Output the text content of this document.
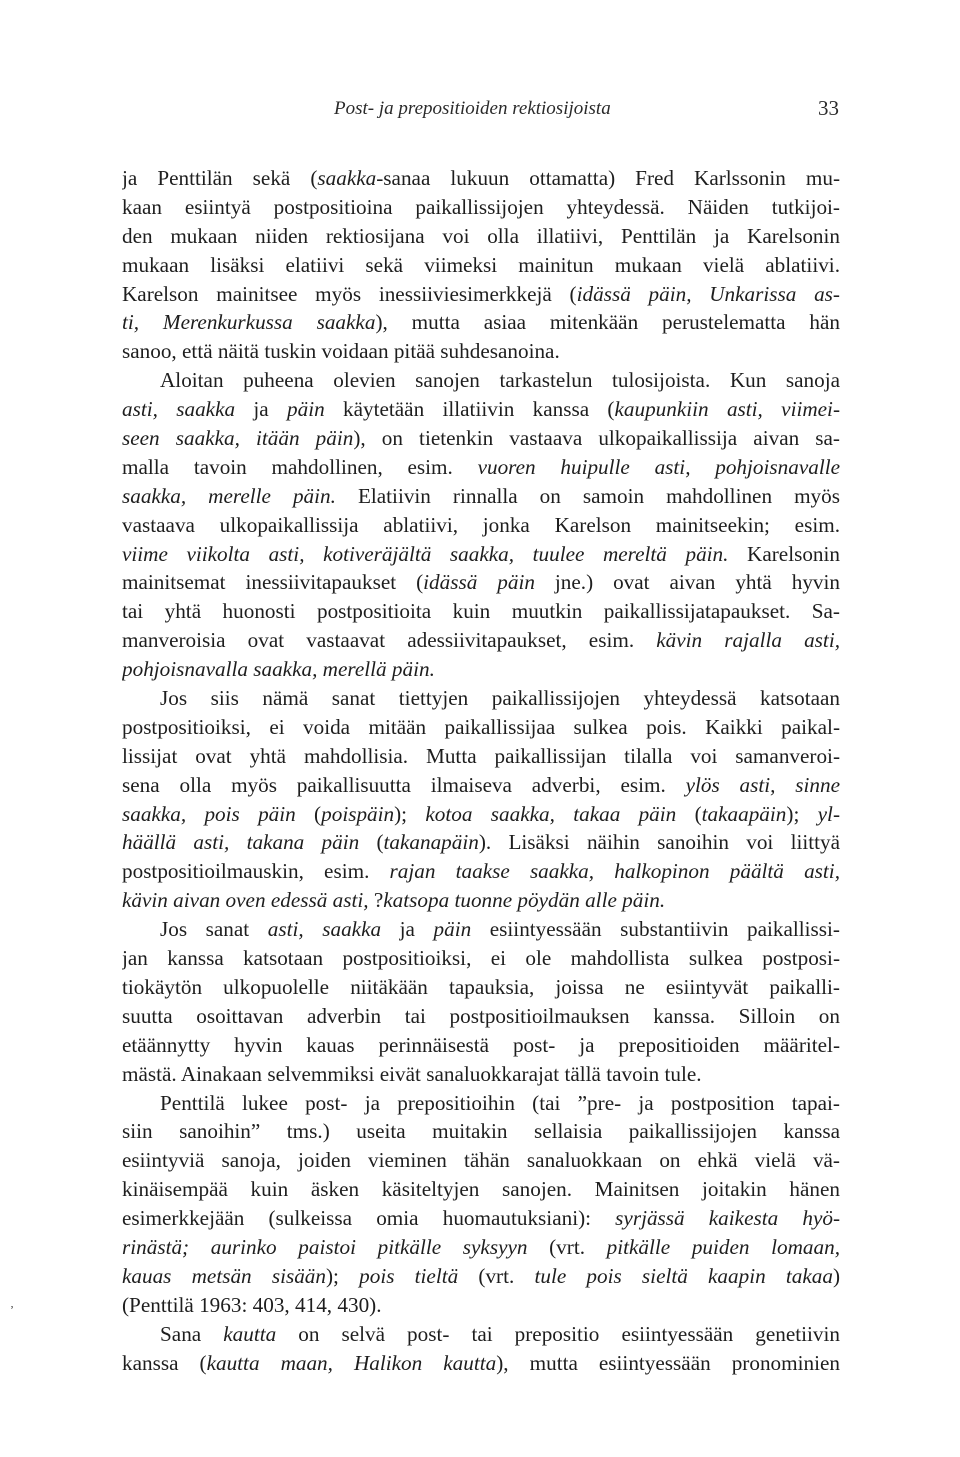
Post- ja prepositioiden rektiosijoista	33
ja Penttilän sekä (saakka-sanaa lukuun ottamatta) Fred Karlssonin mu-
kaan esiintyä postpositioina paikallissijojen yhteydessä. Näiden tutkijoi-
den mukaan niiden rektiosijana voi olla illatiivi, Penttilän ja Karelsonin
mukaan lisäksi elatiivi sekä viimeksi mainitun mukaan vielä ablatiivi.
Karelson mainitsee myös inessiiviesimerkkejä (idässä päin, Unkarissa as-
ti, Merenkurkussa saakka), mutta asiaa mitenkään perustelematta hän
sanoo, että näitä tuskin voidaan pitää suhdesanoina.
Aloitan puheena olevien sanojen tarkastelun tulosijoista. Kun sanoja
asti, saakka ja päin käytetään illatiivin kanssa (kaupunkiin asti, viimei-
seen saakka, itään päin), on tietenkin vastaava ulkopaikallissija aivan sa-
malla tavoin mahdollinen, esim. vuoren huipulle asti, pohjoisnavalle
saakka, merelle päin. Elatiivin rinnalla on samoin mahdollinen myös
vastaava ulkopaikallissija ablatiivi, jonka Karelson mainitseekin; esim.
viime viikolta asti, kotiveräjältä saakka, tuulee mereltä päin. Karelsonin
mainitsemat inessiivitapaukset (idässä päin jne.) ovat aivan yhtä hyvin
tai yhtä huonosti postpositioita kuin muutkin paikallissijatapaukset. Sa-
manveroisia ovat vastaavat adessiivitapaukset, esim. kävin rajalla asti,
pohjoisnavalla saakka, merellä päin.
Jos siis nämä sanat tiettyjen paikallissijojen yhteydessä katsotaan
postpositioiksi, ei voida mitään paikallissijaa sulkea pois. Kaikki paikal-
lissijat ovat yhtä mahdollisia. Mutta paikallissijan tilalla voi samanveroi-
sena olla myös paikallisuutta ilmaiseva adverbi, esim. ylös asti, sinne
saakka, pois päin (poispäin); kotoa saakka, takaa päin (takaapäin); yl-
häällä asti, takana päin (takanapäin). Lisäksi näihin sanoihin voi liittyä
postpositioilmauskin, esim. rajan taakse saakka, halkopinon päältä asti,
kävin aivan oven edessä asti, ?katsopa tuonne pöydän alle päin.
Jos sanat asti, saakka ja päin esiintyessään substantiivin paikallissi-
jan kanssa katsotaan postpositioiksi, ei ole mahdollista sulkea postposi-
tiokäytön ulkopuolelle niitäkään tapauksia, joissa ne esiintyvät paikalli-
suutta osoittavan adverbin tai postpositioilmauksen kanssa. Silloin on
etäännytty hyvin kauas perinnäisestä post- ja prepositioiden määritel-
mästä. Ainakaan selvemmiksi eivät sanaluokkarajat tällä tavoin tule.
Penttilä lukee post- ja prepositioihin (tai ”pre- ja postposition tapai-
siin sanoihin” tms.) useita muitakin sellaisia paikallissijojen kanssa
esiintyviä sanoja, joiden vieminen tähän sanaluokkaan on ehkä vielä vä-
kinäisempää kuin äsken käsiteltyjen sanojen. Mainitsen joitakin hänen
esimerkkejään (sulkeissa omia huomautuksiani): syrjässä kaikesta hyö-
rinästä; aurinko paistoi pitkälle syksyyn (vrt. pitkälle puiden lomaan,
kauas metsän sisään); pois tieltä (vrt. tule pois sieltä kaapin takaa)
(Penttilä 1963: 403, 414, 430).
Sana kautta on selvä post- tai prepositio esiintyessään genetiivin
kanssa (kautta maan, Halikon kautta), mutta esiintyessään pronominien
‚
